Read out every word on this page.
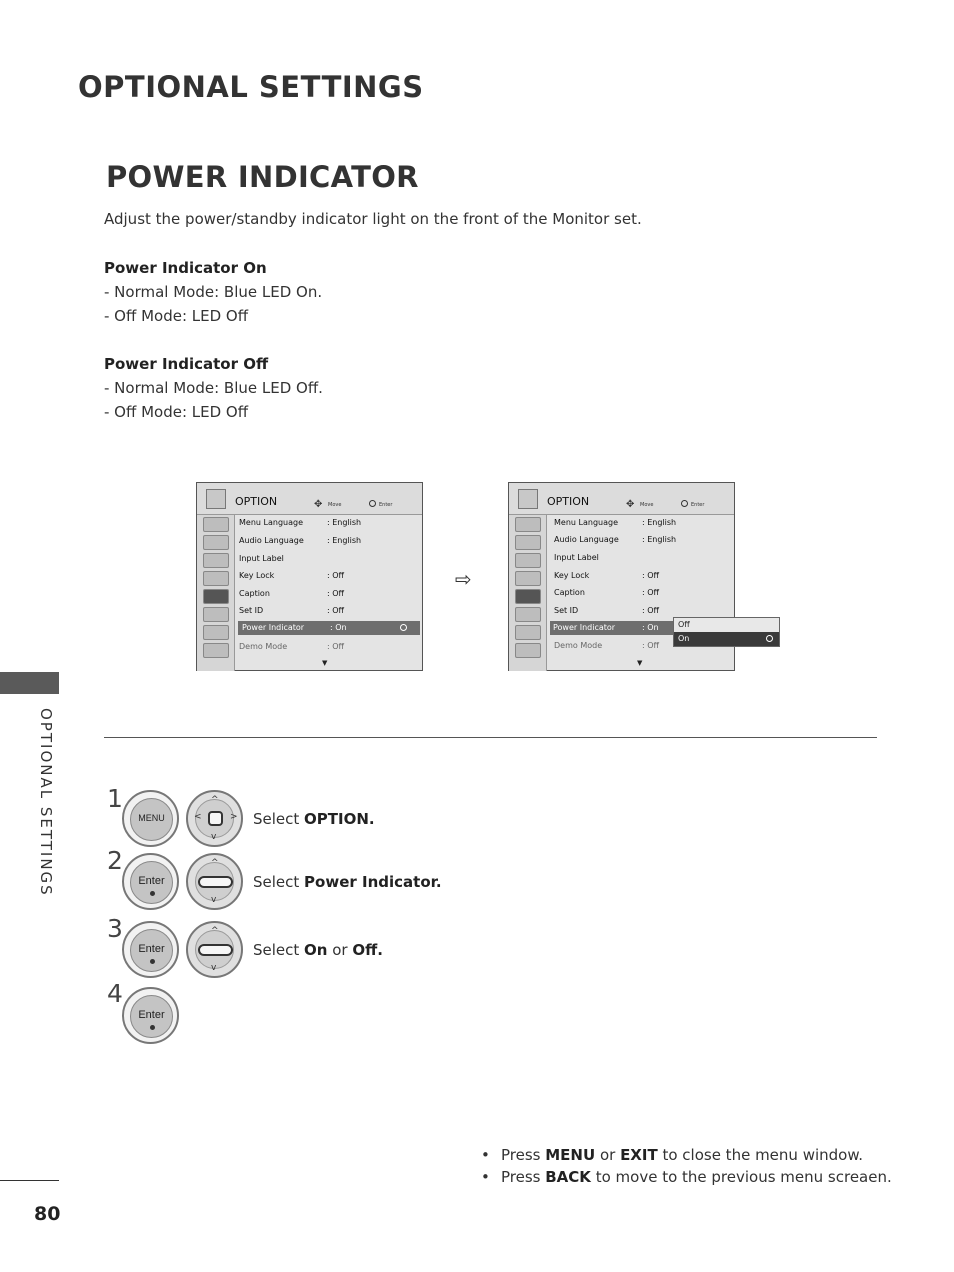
OPTIONAL SETTINGS
POWER INDICATOR
Adjust the power/standby indicator light on the front of the Monitor set.
Power Indicator On
- Normal Mode: Blue LED On.
- Off Mode: LED Off
Power Indicator Off
- Normal Mode: Blue LED Off.
- Off Mode: LED Off
OPTION	✥ Move	Enter
Menu Language	: English
Audio Language	: English
Input Label
Key Lock	: Off
Caption	: Off
Set ID	: Off
Power Indicator	: On
Demo Mode	: Off
▼
⇨
OPTION	✥ Move	Enter
Menu Language	: English
Audio Language	: English
Input Label
Key Lock	: Off
Caption	: Off
Set ID	: Off
Power Indicator	: On
Demo Mode	: Off
▼
Off
On
1
MENU
^
v
<	> Select OPTION.
2
Enter
^
v
Select Power Indicator.
3
Enter
^
v
Select On or Off.
4
Enter
• Press MENU or EXIT to close the menu window.
• Press BACK to move to the previous menu screaen.
OPTIONAL SETTINGS
80
